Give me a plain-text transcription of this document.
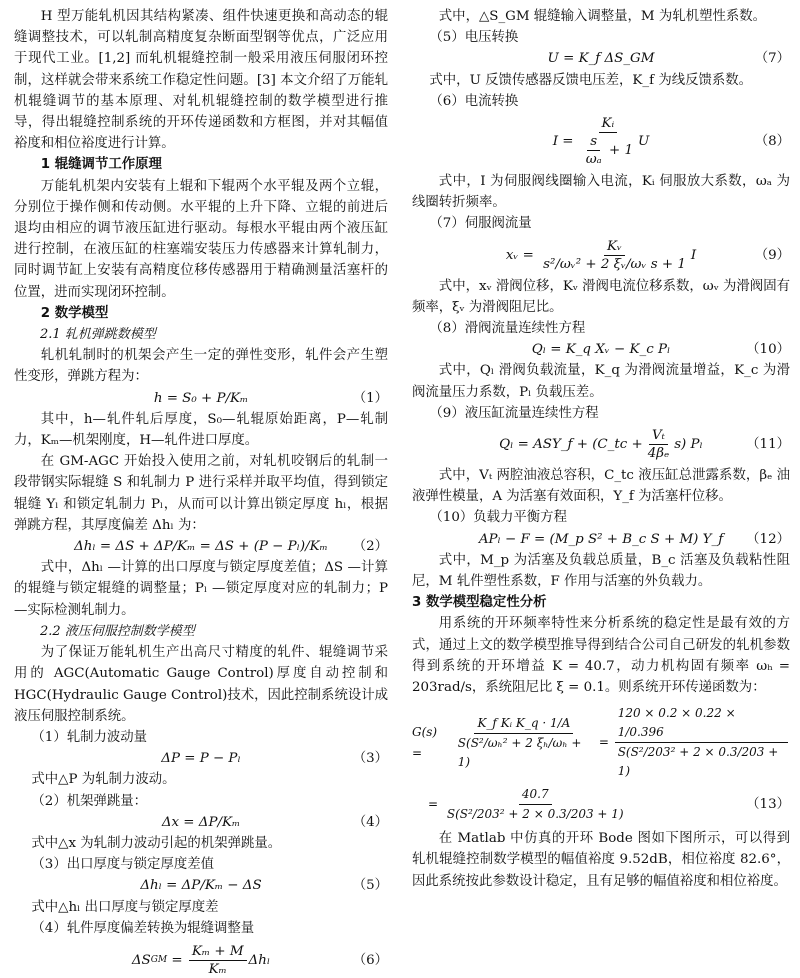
H 型万能轧机因其结构紧凑、组件快速更换和高动态的辊缝调整技术，可以轧制高精度复杂断面型钢等优点，广泛应用于现代工业。[1,2] 而轧机辊缝控制一般采用液压伺服闭环控制，这样就会带来系统工作稳定性问题。[3] 本文介绍了万能轧机辊缝调节的基本原理、对轧机辊缝控制的数学模型进行推导，得出辊缝控制系统的开环传递函数和方框图，并对其幅值裕度和相位裕度进行计算。

1 辊缝调节工作原理

万能轧机架内安装有上辊和下辊两个水平辊及两个立辊，分别位于操作侧和传动侧。水平辊的上升下降、立辊的前进后退均由相应的调节液压缸进行驱动。每根水平辊由两个液压缸进行控制，在液压缸的柱塞端安装压力传感器来计算轧制力，同时调节缸上安装有高精度位移传感器用于精确测量活塞杆的位置，进而实现闭环控制。

2 数学模型

2.1 轧机弹跳数模型

轧机轧制时的机架会产生一定的弹性变形，轧件会产生塑性变形，弹跳方程为：

h = S₀ + P/Kₘ	（1）

其中，h—轧件轧后厚度，S₀—轧辊原始距离，P—轧制力，Kₘ—机架刚度，H—轧件进口厚度。

在 GM-AGC 开始投入使用之前，对轧机咬钢后的轧制一段带钢实际辊缝 S 和轧制力 P 进行采样并取平均值，得到锁定辊缝 Yₗ 和锁定轧制力 Pₗ，从而可以计算出锁定厚度 hₗ，根据弹跳方程，其厚度偏差 Δhₗ 为：

Δhₗ = ΔS + ΔP/Kₘ = ΔS + (P − Pₗ)/Kₘ （2）

式中，Δhₗ —计算的出口厚度与锁定厚度差值；ΔS —计算的辊缝与锁定辊缝的调整量；Pₗ —锁定厚度对应的轧制力；P —实际检测轧制力。

2.2 液压伺服控制数学模型

为了保证万能轧机生产出高尺寸精度的轧件、辊缝调节采用的 AGC(Automatic Gauge Control)厚度自动控制和 HGC(Hydraulic Gauge Control)技术，因此控制系统设计成液压伺服控制系统。

（1）轧制力波动量

ΔP = P − Pₗ	（3）

式中△P 为轧制力波动。

（2）机架弹跳量：

Δx = ΔP/Kₘ	（4）

式中△x 为轧制力波动引起的机架弹跳量。

（3）出口厚度与锁定厚度差值

Δhₗ = ΔP/Kₘ − ΔS	（5）

式中△hₗ 出口厚度与锁定厚度差

（4）轧件厚度偏差转换为辊缝调整量

ΔS GM =
Kₘ + M
Kₘ
Δhₗ	（6）

式中，△S_GM 辊缝输入调整量，M 为轧机塑性系数。

（5）电压转换

U = K_f ΔS_GM	（7）

式中，U 反馈传感器反馈电压差，K_f 为线反馈系数。

（6）电流转换

I =

Kᵢ
$\frac{s}{\text{ωₐ}} + 1$
U	（8）

式中，I 为伺服阀线圈输入电流，Kᵢ 伺服放大系数，ωₐ 为线圈转折频率。

（7）伺服阀流量

xᵥ =
$\frac{\text{Kᵥ}}{\text{s²/ωᵥ² + 2 ξᵥ/ωᵥ s + 1}}$ I	（9）

式中，xᵥ 滑阀位移，Kᵥ 滑阀电流位移系数，ωᵥ 为滑阀固有频率，ξᵥ 为滑阀阻尼比。

（8）滑阀流量连续性方程

Qₗ = K_q Xᵥ − K_c Pₗ	（10）

式中，Qₗ 滑阀负载流量，K_q 为滑阀流量增益，K_c 为滑阀流量压力系数，Pₗ 负载压差。

（9）液压缸流量连续性方程

Qₗ = ASY_f + (C_tc + $\frac{\text{Vₜ}}{\text{4βₑ}} s$) Pₗ	（11）

式中，Vₜ 两腔油液总容积，C_tc 液压缸总泄露系数，βₑ 油液弹性模量，A 为活塞有效面积，Y_f 为活塞杆位移。

（10）负载力平衡方程

APₗ − F = (M_p S² + B_c S + M) Y_f （12）

式中，M_p 为活塞及负载总质量，B_c 活塞及负载粘性阻尼，M 轧件塑性系数，F 作用与活塞的外负载力。

3 数学模型稳定性分析

用系统的开环频率特性来分析系统的稳定性是最有效的方式，通过上文的数学模型推导得到结合公司自己研发的轧机参数得到系统的开环增益 K = 40.7，动力机构固有频率 ωₕ = 203rad/s，系统阻尼比 ξ = 0.1。则系统开环传递函数为：

G(s) =
	$\frac{\text{K\_f Kᵢ K\_q · 1/A}}{\text{S(S²/ωₕ² + 2 ξₕ/ωₕ + 1)}}$ =
120 × 0.2 × 0.22 × 1/0.396
S(S²/203² + 2 × 0.3/203 + 1)
=
40.7
S(S²/203² + 2 × 0.3/203 + 1)
（13）

在 Matlab 中仿真的开环 Bode 图如下图所示，可以得到轧机辊缝控制数学模型的幅值裕度 9.52dB，相位裕度 82.6°，因此系统按此参数设计稳定，且有足够的幅值裕度和相位裕度。
